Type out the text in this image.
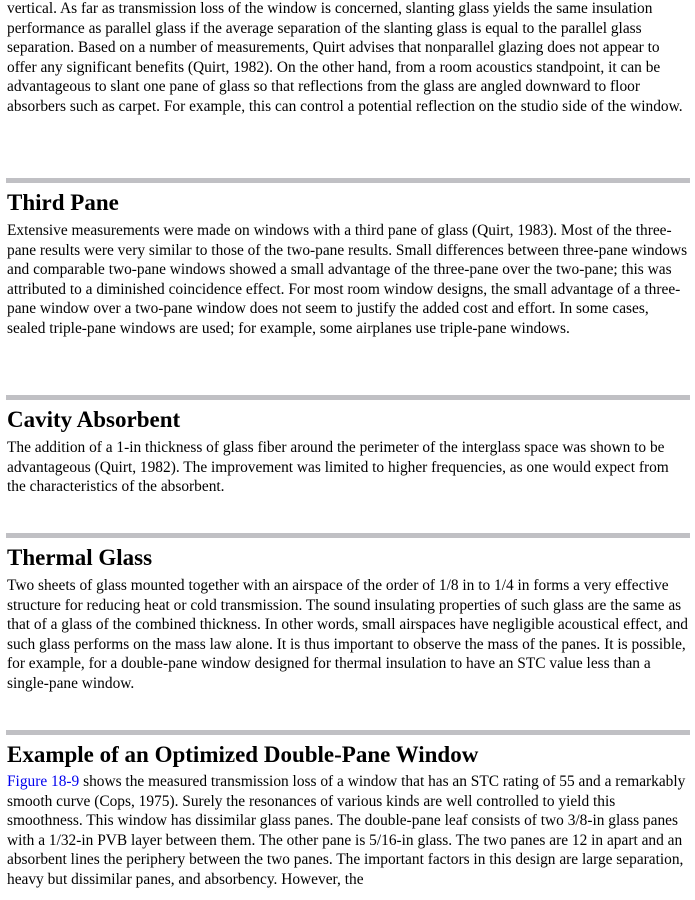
vertical. As far as transmission loss of the window is concerned, slanting glass yields the same insulation performance as parallel glass if the average separation of the slanting glass is equal to the parallel glass separation. Based on a number of measurements, Quirt advises that nonparallel glazing does not appear to offer any significant benefits (Quirt, 1982). On the other hand, from a room acoustics standpoint, it can be advantageous to slant one pane of glass so that reflections from the glass are angled downward to floor absorbers such as carpet. For example, this can control a potential reflection on the studio side of the window.

Third Pane

Extensive measurements were made on windows with a third pane of glass (Quirt, 1983). Most of the three-pane results were very similar to those of the two-pane results. Small differences between three-pane windows and comparable two-pane windows showed a small advantage of the three-pane over the two-pane; this was attributed to a diminished coincidence effect. For most room window designs, the small advantage of a three-pane window over a two-pane window does not seem to justify the added cost and effort. In some cases, sealed triple-pane windows are used; for example, some airplanes use triple-pane windows.

Cavity Absorbent

The addition of a 1-in thickness of glass fiber around the perimeter of the interglass space was shown to be advantageous (Quirt, 1982). The improvement was limited to higher frequencies, as one would expect from the characteristics of the absorbent.

Thermal Glass

Two sheets of glass mounted together with an airspace of the order of 1/8 in to 1/4 in forms a very effective structure for reducing heat or cold transmission. The sound insulating properties of such glass are the same as that of a glass of the combined thickness. In other words, small airspaces have negligible acoustical effect, and such glass performs on the mass law alone. It is thus important to observe the mass of the panes. It is possible, for example, for a double-pane window designed for thermal insulation to have an STC value less than a single-pane window.

Example of an Optimized Double-Pane Window

Figure 18-9 shows the measured transmission loss of a window that has an STC rating of 55 and a remarkably smooth curve (Cops, 1975). Surely the resonances of various kinds are well controlled to yield this smoothness. This window has dissimilar glass panes. The double-pane leaf consists of two 3/8-in glass panes with a 1/32-in PVB layer between them. The other pane is 5/16-in glass. The two panes are 12 in apart and an absorbent lines the periphery between the two panes. The important factors in this design are large separation, heavy but dissimilar panes, and absorbency. However, the
